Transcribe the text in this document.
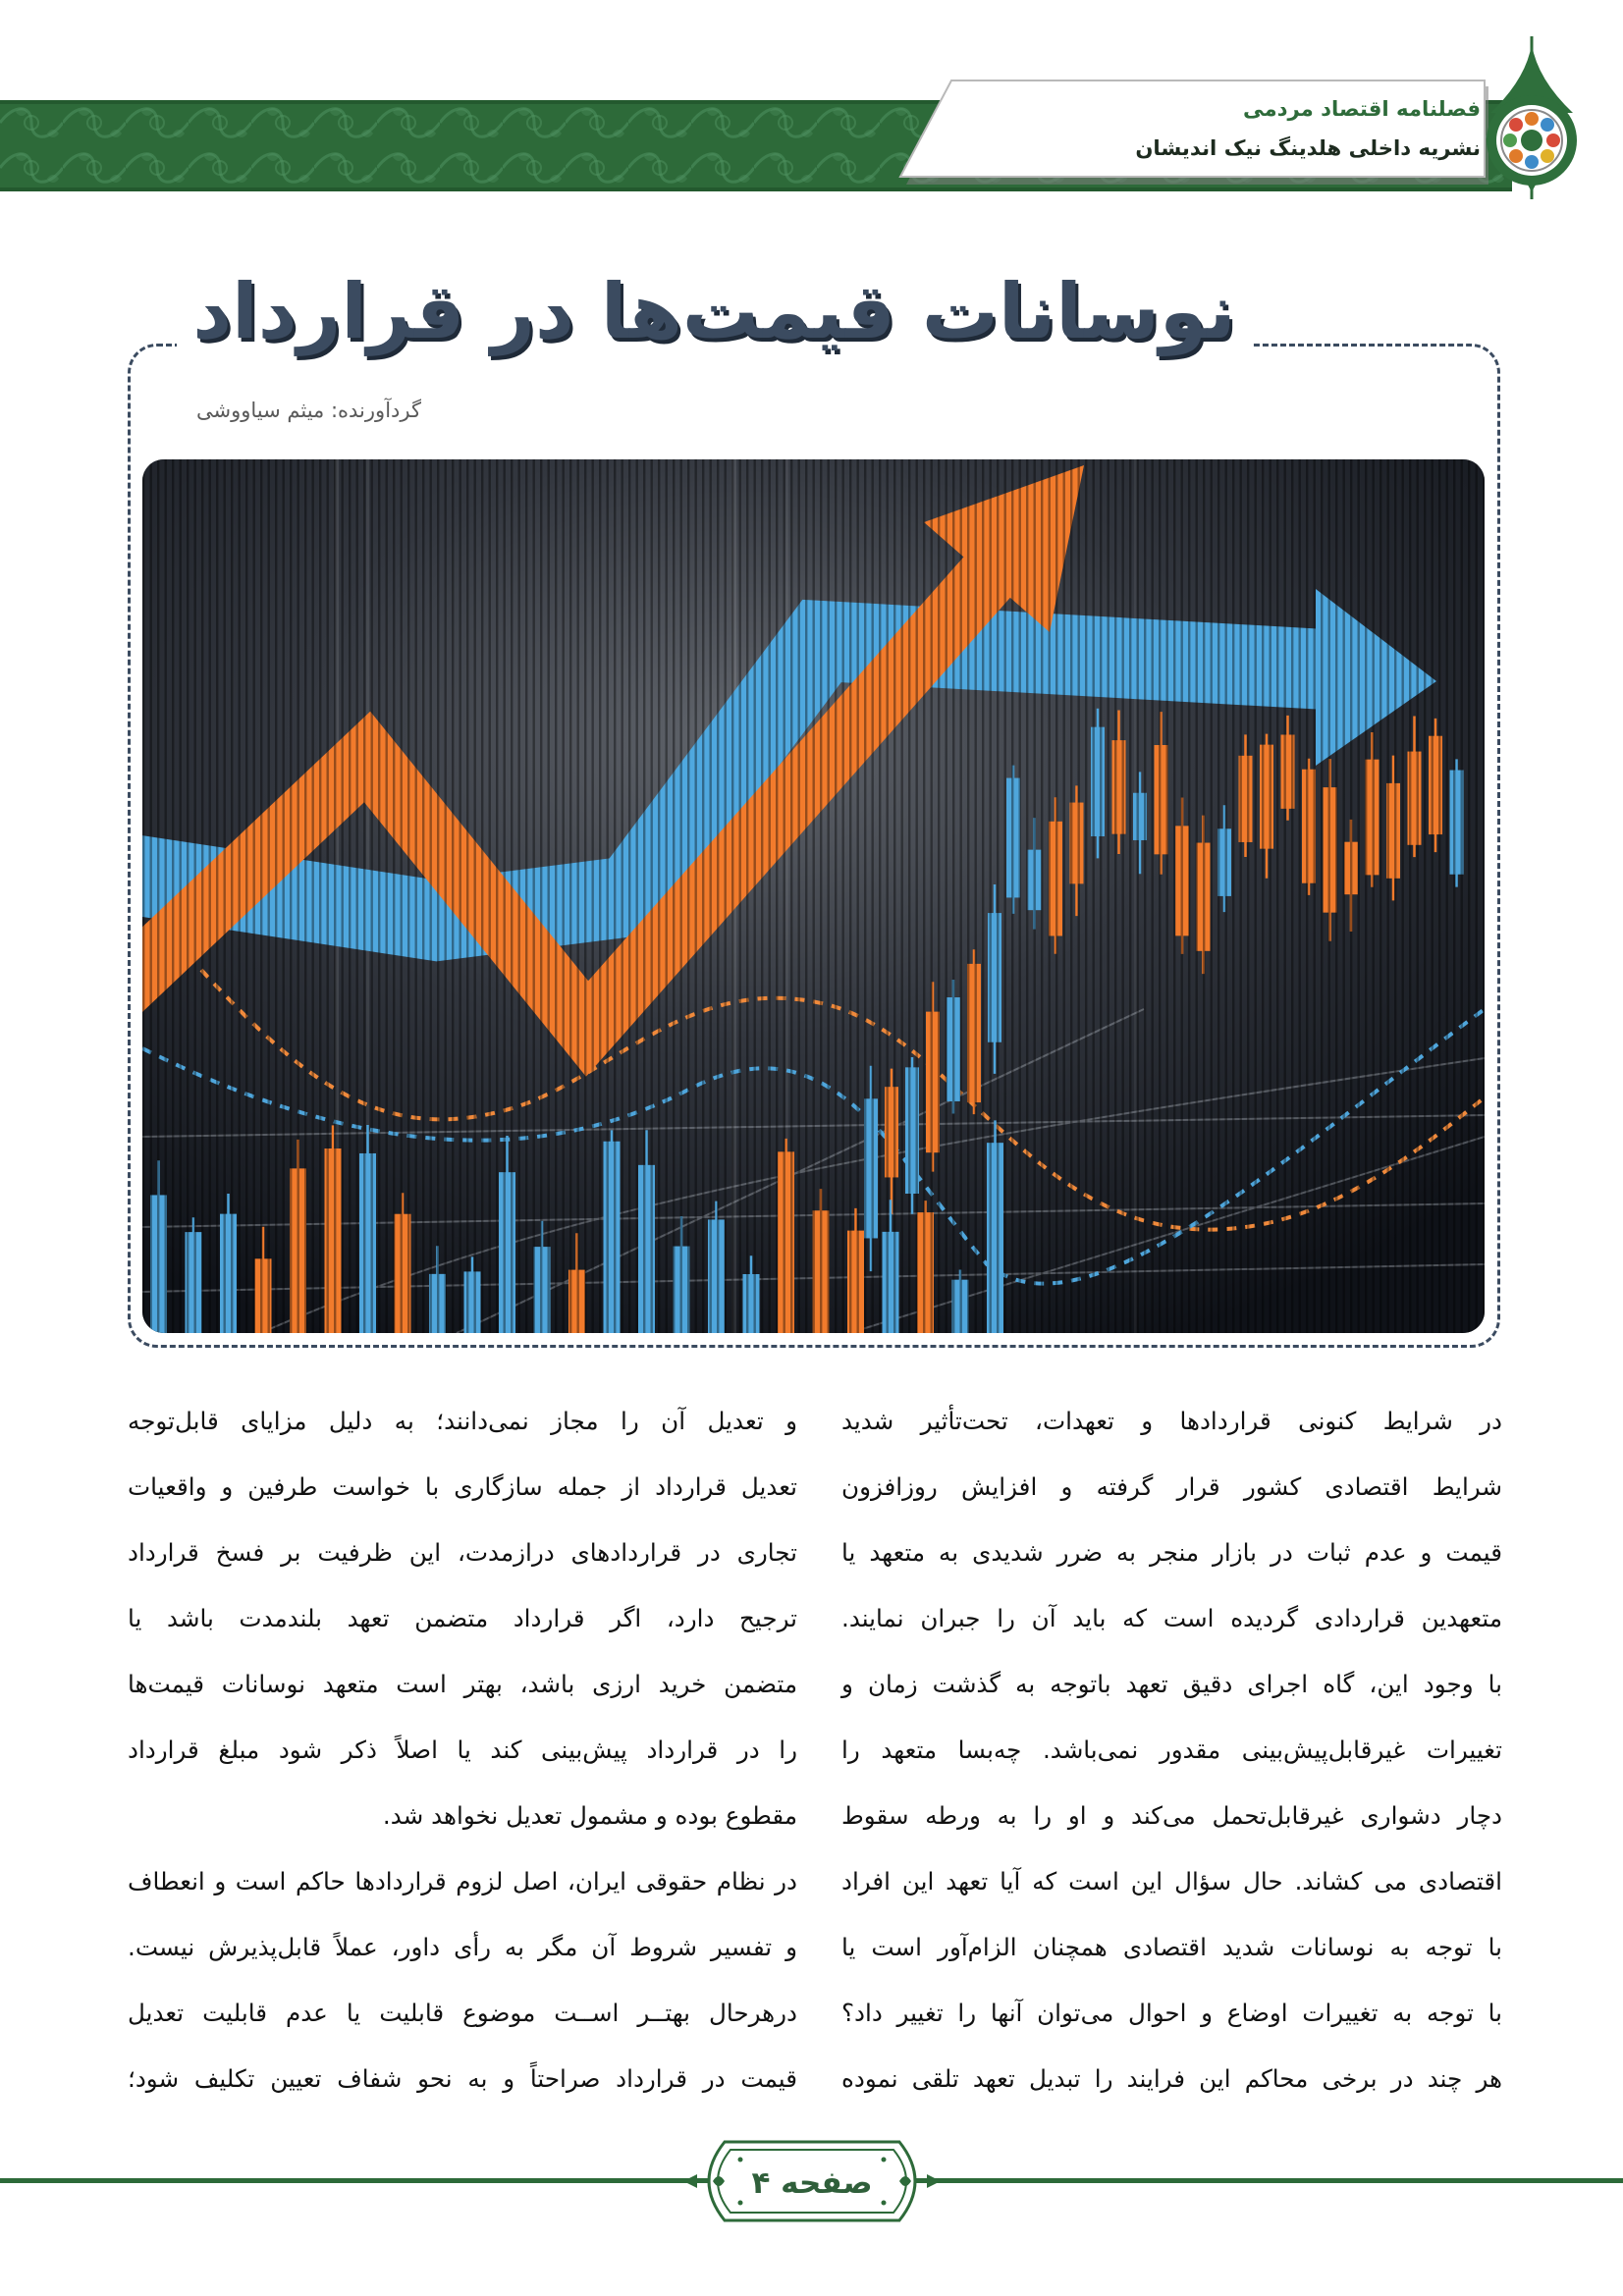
فصلنامه اقتصاد مردمی
نشریه داخلی هلدینگ نیک اندیشان
نوسانات قیمت‌ها در قرارداد
گردآورنده: میثم سیاووشی
در شرایط کنونی قراردادها و تعهدات، تحت‌تأثیر شدید
شرایط اقتصادی کشور قرار گرفته و افزایش روزافزون
قیمت و عدم ثبات در بازار منجر به ضرر شدیدی به متعهد یا
متعهدین قراردادی گردیده است که باید آن را جبران نمایند.
با وجود این، گاه اجرای دقیق تعهد باتوجه به گذشت زمان و
تغییرات غیرقابل‌پیش‌بینی مقدور نمی‌باشد. چه‌بسا متعهد را
دچار دشواری غیرقابل‌تحمل می‌کند و او را به ورطه سقوط
اقتصادی می کشاند. حال سؤال این است که آیا تعهد این افراد
با توجه به نوسانات شدید اقتصادی همچنان الزام‌آور است یا
با توجه به تغییرات اوضاع و احوال می‌توان آنها را تغییر داد؟
هر چند در برخی محاکم این فرایند را تبدیل تعهد تلقی نموده
و تعدیل آن را مجاز نمی‌دانند؛ به دلیل مزایای قابل‌توجه
تعدیل قرارداد از جمله سازگاری با خواست طرفین و واقعیات
تجاری در قراردادهای درازمدت، این ظرفیت بر فسخ قرارداد
ترجیح دارد، اگر قرارداد متضمن تعهد بلندمدت باشد یا
متضمن خرید ارزی باشد، بهتر است متعهد نوسانات قیمت‌ها
را در قرارداد پیش‌بینی کند یا اصلاً ذکر شود مبلغ قرارداد
مقطوع بوده و مشمول تعدیل نخواهد شد.
در نظام حقوقی ایران، اصل لزوم قراردادها حاکم است و انعطاف
و تفسیر شروط آن مگر به رأی داور، عملاً قابل‌پذیرش نیست.
درهرحال بهتــر اســت موضوع قابلیت یا عدم قابلیت تعدیل
قیمت در قرارداد صراحتاً و به نحو شفاف تعیین تکلیف شود؛
صفحه ۴
